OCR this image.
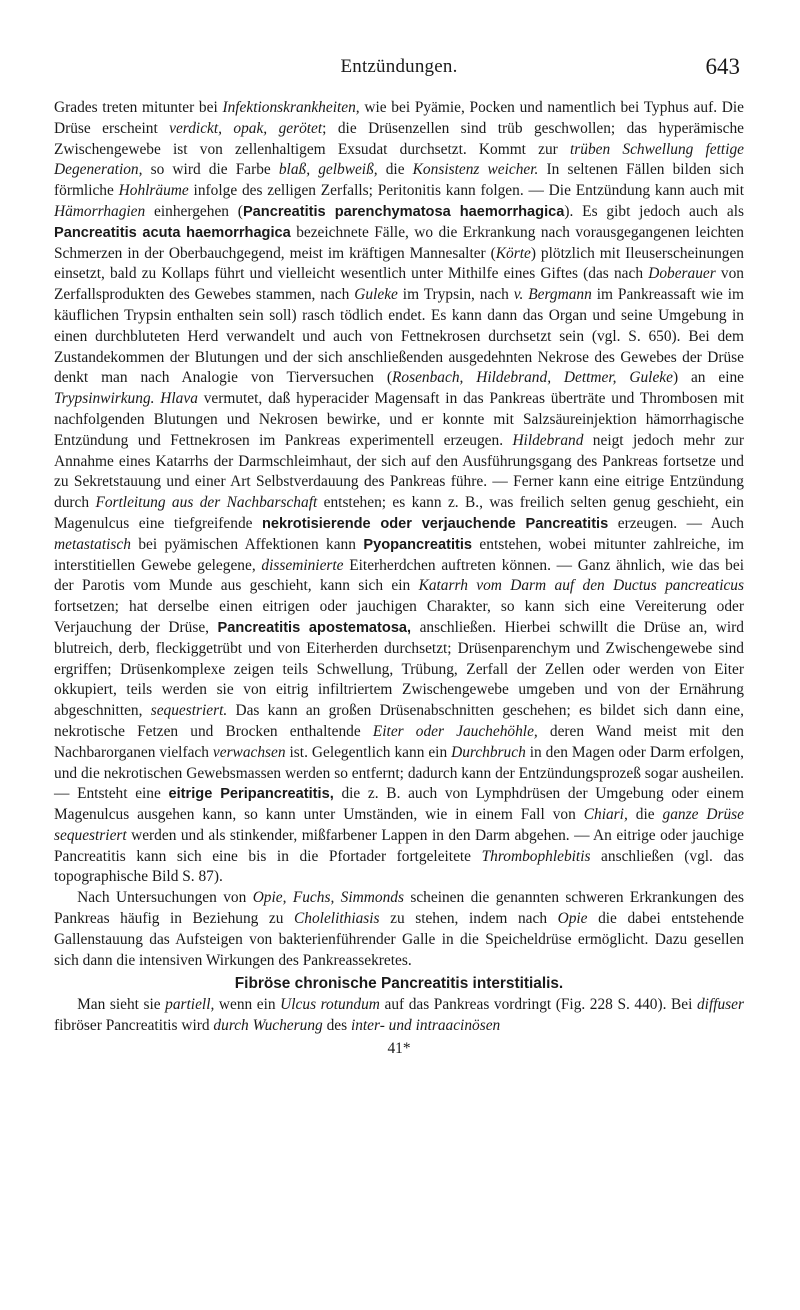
Entzündungen.	643

Grades treten mitunter bei Infektionskrankheiten, wie bei Pyämie, Pocken und namentlich bei Typhus auf. Die Drüse erscheint verdickt, opak, gerötet; die Drüsenzellen sind trüb geschwollen; das hyperämische Zwischengewebe ist von zellenhaltigem Exsudat durchsetzt. Kommt zur trüben Schwellung fettige Degeneration, so wird die Farbe blaß, gelbweiß, die Konsistenz weicher. In seltenen Fällen bilden sich förmliche Hohlräume infolge des zelligen Zerfalls; Peritonitis kann folgen. — Die Entzündung kann auch mit Hämorrhagien einhergehen (Pancreatitis parenchymatosa haemorrhagica). Es gibt jedoch auch als Pancreatitis acuta haemorrhagica bezeichnete Fälle, wo die Erkrankung nach vorausgegangenen leichten Schmerzen in der Oberbauchgegend, meist im kräftigen Mannesalter (Körte) plötzlich mit Ileuserscheinungen einsetzt, bald zu Kollaps führt und vielleicht wesentlich unter Mithilfe eines Giftes (das nach Doberauer von Zerfallsprodukten des Gewebes stammen, nach Guleke im Trypsin, nach v. Bergmann im Pankreassaft wie im käuflichen Trypsin enthalten sein soll) rasch tödlich endet. Es kann dann das Organ und seine Umgebung in einen durchbluteten Herd verwandelt und auch von Fettnekrosen durchsetzt sein (vgl. S. 650). Bei dem Zustandekommen der Blutungen und der sich anschließenden ausgedehnten Nekrose des Gewebes der Drüse denkt man nach Analogie von Tierversuchen (Rosenbach, Hildebrand, Dettmer, Guleke) an eine Trypsinwirkung. Hlava vermutet, daß hyperacider Magensaft in das Pankreas überträte und Thrombosen mit nachfolgenden Blutungen und Nekrosen bewirke, und er konnte mit Salzsäureinjektion hämorrhagische Entzündung und Fettnekrosen im Pankreas experimentell erzeugen. Hildebrand neigt jedoch mehr zur Annahme eines Katarrhs der Darmschleimhaut, der sich auf den Ausführungsgang des Pankreas fortsetze und zu Sekretstauung und einer Art Selbstverdauung des Pankreas führe. — Ferner kann eine eitrige Entzündung durch Fortleitung aus der Nachbarschaft entstehen; es kann z. B., was freilich selten genug geschieht, ein Magenulcus eine tiefgreifende nekrotisierende oder verjauchende Pancreatitis erzeugen. — Auch metastatisch bei pyämischen Affektionen kann Pyopancreatitis entstehen, wobei mitunter zahlreiche, im interstitiellen Gewebe gelegene, disseminierte Eiterherdchen auftreten können. — Ganz ähnlich, wie das bei der Parotis vom Munde aus geschieht, kann sich ein Katarrh vom Darm auf den Ductus pancreaticus fortsetzen; hat derselbe einen eitrigen oder jauchigen Charakter, so kann sich eine Vereiterung oder Verjauchung der Drüse, Pancreatitis apostematosa, anschließen. Hierbei schwillt die Drüse an, wird blutreich, derb, fleckiggetrübt und von Eiterherden durchsetzt; Drüsenparenchym und Zwischengewebe sind ergriffen; Drüsenkomplexe zeigen teils Schwellung, Trübung, Zerfall der Zellen oder werden von Eiter okkupiert, teils werden sie von eitrig infiltriertem Zwischengewebe umgeben und von der Ernährung abgeschnitten, sequestriert. Das kann an großen Drüsenabschnitten geschehen; es bildet sich dann eine, nekrotische Fetzen und Brocken enthaltende Eiter oder Jauchehöhle, deren Wand meist mit den Nachbarorganen vielfach verwachsen ist. Gelegentlich kann ein Durchbruch in den Magen oder Darm erfolgen, und die nekrotischen Gewebsmassen werden so entfernt; dadurch kann der Entzündungsprozeß sogar ausheilen. — Entsteht eine eitrige Peripancreatitis, die z. B. auch von Lymphdrüsen der Umgebung oder einem Magenulcus ausgehen kann, so kann unter Umständen, wie in einem Fall von Chiari, die ganze Drüse sequestriert werden und als stinkender, mißfarbener Lappen in den Darm abgehen. — An eitrige oder jauchige Pancreatitis kann sich eine bis in die Pfortader fortgeleitete Thrombophlebitis anschließen (vgl. das topographische Bild S. 87).

Nach Untersuchungen von Opie, Fuchs, Simmonds scheinen die genannten schweren Erkrankungen des Pankreas häufig in Beziehung zu Cholelithiasis zu stehen, indem nach Opie die dabei entstehende Gallenstauung das Aufsteigen von bakterienführender Galle in die Speicheldrüse ermöglicht. Dazu gesellen sich dann die intensiven Wirkungen des Pankreassekretes.

Fibröse chronische Pancreatitis interstitialis.

Man sieht sie partiell, wenn ein Ulcus rotundum auf das Pankreas vordringt (Fig. 228 S. 440). Bei diffuser fibröser Pancreatitis wird durch Wucherung des inter- und intraacinösen

41*
